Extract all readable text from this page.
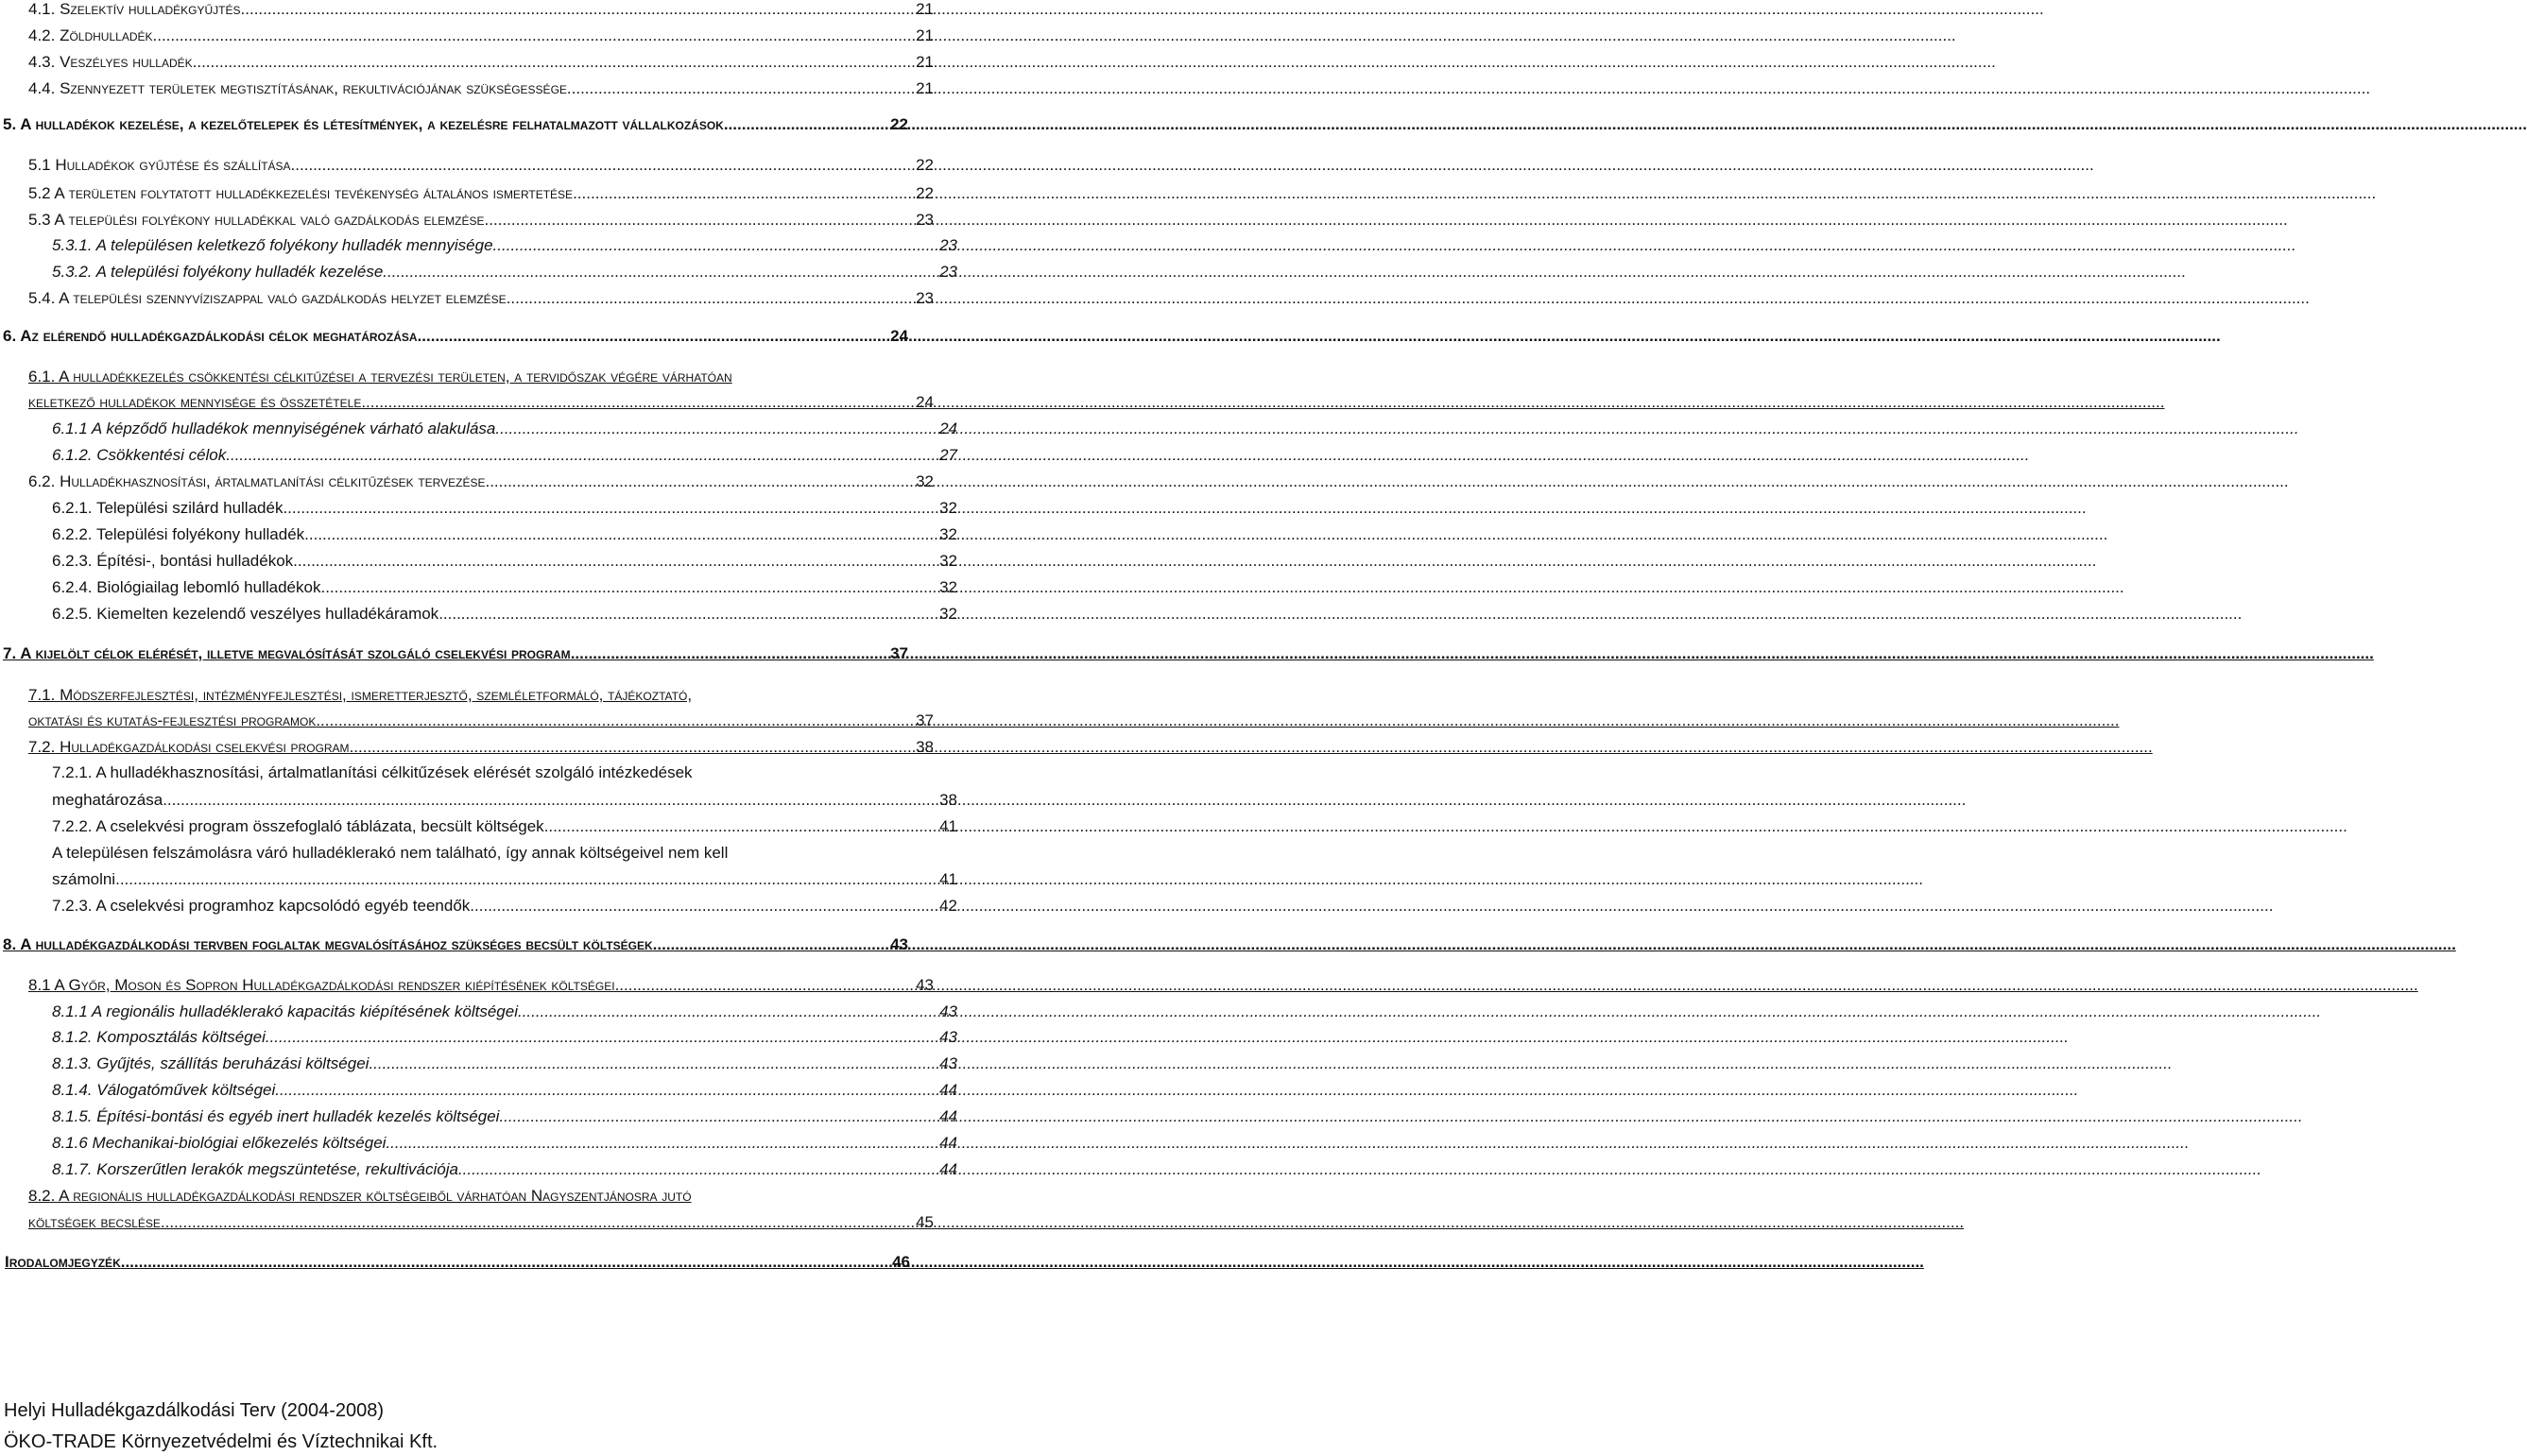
4.1. Szelektív hulladékgyűjtés .....	21
4.2. Zöldhulladék .....	21
4.3. Veszélyes hulladék .....	21
4.4. Szennyezett területek megtisztításának, rekultivációjának szükségessége .....	21
5. A hulladékok kezelése, a kezelőtelepek és létesítmények, a kezelésre felhatalmazott vállalkozások .....	22
5.1 Hulladékok gyűjtése és szállítása .....	22
5.2 A területen folytatott hulladékkezelési tevékenység általános ismertetése .....	22
5.3 A települési folyékony hulladékkal való gazdálkodás elemzése .....	23
5.3.1. A településen keletkező folyékony hulladék mennyisége .....	23
5.3.2. A települési folyékony hulladék kezelése .....	23
5.4. A települési szennyvíziszappal való gazdálkodás helyzet elemzése .....	23
6. Az elérendő hulladékgazdálkodási célok meghatározása .....	24
6.1. A hulladékkezelés csökkentési célkitűzései a tervezési területen, a tervidőszak végére várhatóan
keletkező hulladékok mennyisége és összetétele .....	24
6.1.1 A képződő hulladékok mennyiségének várható alakulása .....	24
6.1.2. Csökkentési célok .....	27
6.2. Hulladékhasznosítási, ártalmatlanítási célkitűzések tervezése .....	32
6.2.1. Települési szilárd hulladék .....	32
6.2.2. Települési folyékony hulladék .....	32
6.2.3. Építési-, bontási hulladékok .....	32
6.2.4. Biológiailag lebomló hulladékok .....	32
6.2.5. Kiemelten kezelendő veszélyes hulladékáramok .....	32
7. A kijelölt célok elérését, illetve megvalósítását szolgáló cselekvési program .....	37
7.1. Módszerfejlesztési, intézményfejlesztési, ismeretterjesztő, szemléletformáló, tájékoztató,
oktatási és kutatás-fejlesztési programok .....	37
7.2. Hulladékgazdálkodási cselekvési program .....	38
7.2.1. A hulladékhasznosítási, ártalmatlanítási célkitűzések elérését szolgáló intézkedések
meghatározása .....	38
7.2.2. A cselekvési program összefoglaló táblázata, becsült költségek .....	41
A településen felszámolásra váró hulladéklerakó nem található, így annak költségeivel nem kell
számolni. .....	41
7.2.3. A cselekvési programhoz kapcsolódó egyéb teendők .....	42
8. A hulladékgazdálkodási tervben foglaltak megvalósításához szükséges becsült költségek .....	43
8.1 A Győr, Moson és Sopron Hulladékgazdálkodási rendszer kiépítésének költségei .....	43
8.1.1 A regionális hulladéklerakó kapacitás kiépítésének költségei .....	43
8.1.2. Komposztálás költségei .....	43
8.1.3. Gyűjtés, szállítás beruházási költségei .....	43
8.1.4. Válogatóművek költségei .....	44
8.1.5. Építési-bontási és egyéb inert hulladék kezelés költségei .....	44
8.1.6 Mechanikai-biológiai előkezelés költségei .....	44
8.1.7. Korszerűtlen lerakók megszüntetése, rekultivációja .....	44
8.2. A regionális hulladékgazdálkodási rendszer költségeiből várhatóan Nagyszentjánosra jutó
költségek becslése .....	45
Irodalomjegyzék .....	46
Helyi Hulladékgazdálkodási Terv (2004-2008)
ÖKO-TRADE Környezetvédelmi és Víztechnikai Kft.
